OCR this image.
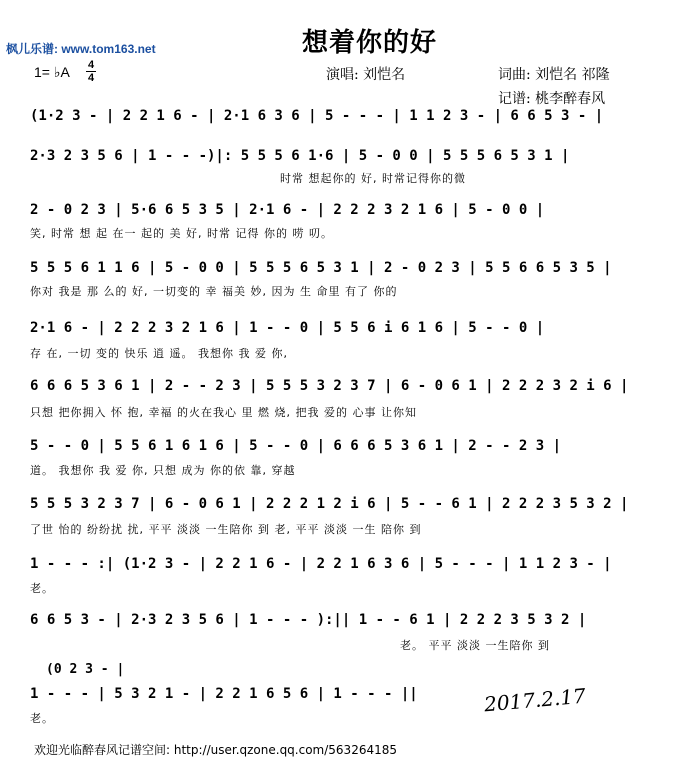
枫儿乐谱: www.tom163.net	想着你的好
1= ♭A 4
4	演唱: 刘恺名	词曲: 刘恺名 祁隆
记谱: 桃李醉春风
(1·2 3 - | 2 2 1 6 - | 2·1 6 3 6 | 5 - - - | 1 1 2 3 - | 6 6 5 3 - |
2·3 2 3 5 6 | 1 - - -)|: 5 5 5 6 1·6 | 5 - 0 0 | 5 5 5 6 5 3 1 |
时常 想起你的 好, 时常记得你的微
2 - 0 2 3 | 5·6 6 5 3 5 | 2·1 6 - | 2 2 2 3 2 1 6 | 5 - 0 0 |
笑, 时常 想 起 在一 起的 美 好, 时常 记得 你的 唠 叨。
5 5 5 6 1 1 6 | 5 - 0 0 | 5 5 5 6 5 3 1 | 2 - 0 2 3 | 5 5 6 6 5 3 5 |
你对 我是 那 么的 好, 一切变的 幸 福美 妙, 因为 生 命里 有了 你的
2·1 6 - | 2 2 2 3 2 1 6 | 1 - - 0 | 5 5 6 i 6 1 6 | 5 - - 0 |
存 在, 一切 变的 快乐 逍 遥。 我想你 我 爱 你,
6 6 6 5 3 6 1 | 2 - - 2 3 | 5 5 5 3 2 3 7 | 6 - 0 6 1 | 2 2 2 3 2 i 6 |
只想 把你拥入 怀 抱, 幸福 的火在我心 里 燃 烧, 把我 爱的 心事 让你知
5 - - 0 | 5 5 6 1 6 1 6 | 5 - - 0 | 6 6 6 5 3 6 1 | 2 - - 2 3 |
道。 我想你 我 爱 你, 只想 成为 你的依 靠, 穿越
5 5 5 3 2 3 7 | 6 - 0 6 1 | 2 2 2 1 2 i 6 | 5 - - 6 1 | 2 2 2 3 5 3 2 |
了世 怡的 纷纷扰 扰, 平平 淡淡 一生陪你 到 老, 平平 淡淡 一生 陪你 到
1 - - - :| (1·2 3 - | 2 2 1 6 - | 2 2 1 6 3 6 | 5 - - - | 1 1 2 3 - |
老。
6 6 5 3 - | 2·3 2 3 5 6 | 1 - - - ):|| 1 - - 6 1 | 2 2 2 3 5 3 2 |
老。 平平 淡淡 一生陪你 到
(0 2 3 - |
1 - - - | 5 3 2 1 - | 2 2 1 6 5 6 | 1 - - - ||
老。
2017.2.17
欢迎光临醉春风记谱空间: http://user.qzone.qq.com/563264185
